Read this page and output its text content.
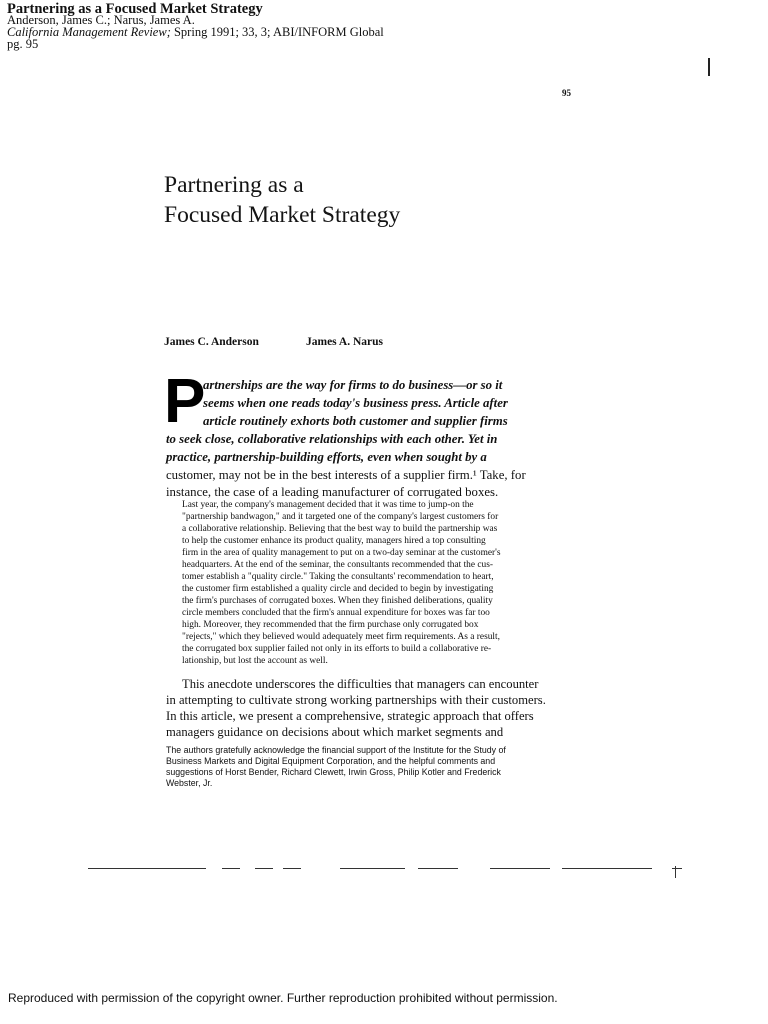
Partnering as a Focused Market Strategy
Anderson, James C.; Narus, James A.
California Management Review; Spring 1991; 33, 3; ABI/INFORM Global
pg. 95
95
Partnering as a
Focused Market Strategy
James C. Anderson	James A. Narus
P
artnerships are the way for firms to do business—or so it
seems when one reads today's business press. Article after
article routinely exhorts both customer and supplier firms
to seek close, collaborative relationships with each other. Yet in
practice, partnership-building efforts, even when sought by a
customer, may not be in the best interests of a supplier firm.¹ Take, for
instance, the case of a leading manufacturer of corrugated boxes.
Last year, the company's management decided that it was time to jump-on the
"partnership bandwagon," and it targeted one of the company's largest customers for
a collaborative relationship. Believing that the best way to build the partnership was
to help the customer enhance its product quality, managers hired a top consulting
firm in the area of quality management to put on a two-day seminar at the customer's
headquarters. At the end of the seminar, the consultants recommended that the cus-
tomer establish a "quality circle." Taking the consultants' recommendation to heart,
the customer firm established a quality circle and decided to begin by investigating
the firm's purchases of corrugated boxes. When they finished deliberations, quality
circle members concluded that the firm's annual expenditure for boxes was far too
high. Moreover, they recommended that the firm purchase only corrugated box
"rejects," which they believed would adequately meet firm requirements. As a result,
the corrugated box supplier failed not only in its efforts to build a collaborative re-
lationship, but lost the account as well.
This anecdote underscores the difficulties that managers can encounter
in attempting to cultivate strong working partnerships with their customers.
In this article, we present a comprehensive, strategic approach that offers
managers guidance on decisions about which market segments and
The authors gratefully acknowledge the financial support of the Institute for the Study of
Business Markets and Digital Equipment Corporation, and the helpful comments and
suggestions of Horst Bender, Richard Clewett, Irwin Gross, Philip Kotler and Frederick
Webster, Jr.
Reproduced with permission of the copyright owner. Further reproduction prohibited without permission.
